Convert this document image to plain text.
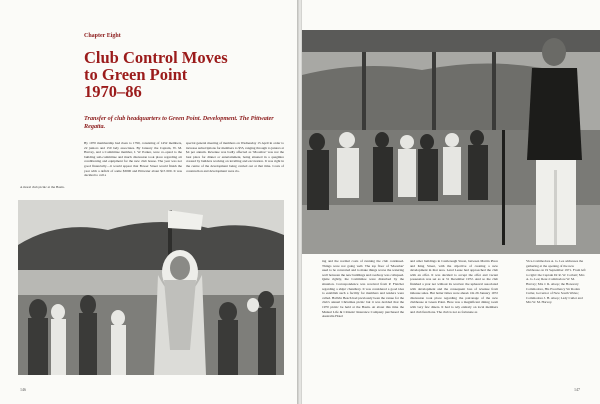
Chapter Eight
Club Control Moves
to Green Point
1970–86

Transfer of club headquarters to Green Point. Development. The Pittwater Regatta.

By 1970 membership had risen to 1790, consisting of 1452 members, 22 juniors and 150 lady associates. By January the Captain, W. M. Harvey, and a Committee member, J. W. Parker, were co-opted to the building sub-committee and much discussion took place regarding air conditioning and equipment for the new club house. The year was not good financially—it would appear that Bower Street would finish the year with a deficit of some $3000 and Pittwater about $15 000. It was decided to call a

special general meeting of members on Wednesday 15 April in order to increase subscriptions for members to $55, ranging through to juniors at $4 per annum. Revenue was badly affected as 'Moonbar' was not the best place for dinner or entertainment, being situated in a quagmire created by builders working on levelling and excavation. It was right in the centre of the development being carried out at that time. Costs of construction and development were ris-

A moral club picnic at the Basin.

146

ing and the normal costs of running the club continued. Things were not going well. The top floor of 'Moonbar' used to be converted and to make things worse the watering well between the new buildings and roadway was collapsed. Quite rightly, the Committee were disturbed by the situation. Correspondence was received from P. Fletcher regarding a ships' chandlery. It was considered a good idea to establish such a facility for members and tenders were called. Hallvin Beach had previously been the venue for the club's annual Christmas picnic but it was decided that the 1970 picnic be held at the Basin. At about this time the Mutual Life & Citizens' Insurance Company purchased the Australia Hotel

and other buildings in Castlereagh Street, between Martin Place and King Street, with the objective of creating a new development in that area. Lend Lease had approached the club with an offer. It was decided to accept the offer and vacant possession was set as at 31 December 1972. And so the club finished a year not without its worries: the upheaval associated with development and the consequent loss of revenue from inhouse sales. But better times were ahead. On 26 January 1972 discussion took place regarding the patronage of the new clubhouse at Green Point. Here was a magnificent dining room with very few diners. It had to rely entirely on local members and club functions. The club is not as fortunate as

Vice-Commodore A. G. Lee addresses the gathering at the opening of the new clubhouse on 19 September 1971. From left to right: the Captain Dr R. W. Corbett; Mrs A. G. Lee; Rear-Commodore W. M. Harvey; Mrs J. R. Alsop; the Honorary Commodore, His Excellency Sir Roden Cutler, Governor of New South Wales; Commodore J. H. Alsop; Lady Cutler and Mrs W. M. Harvey.

147
